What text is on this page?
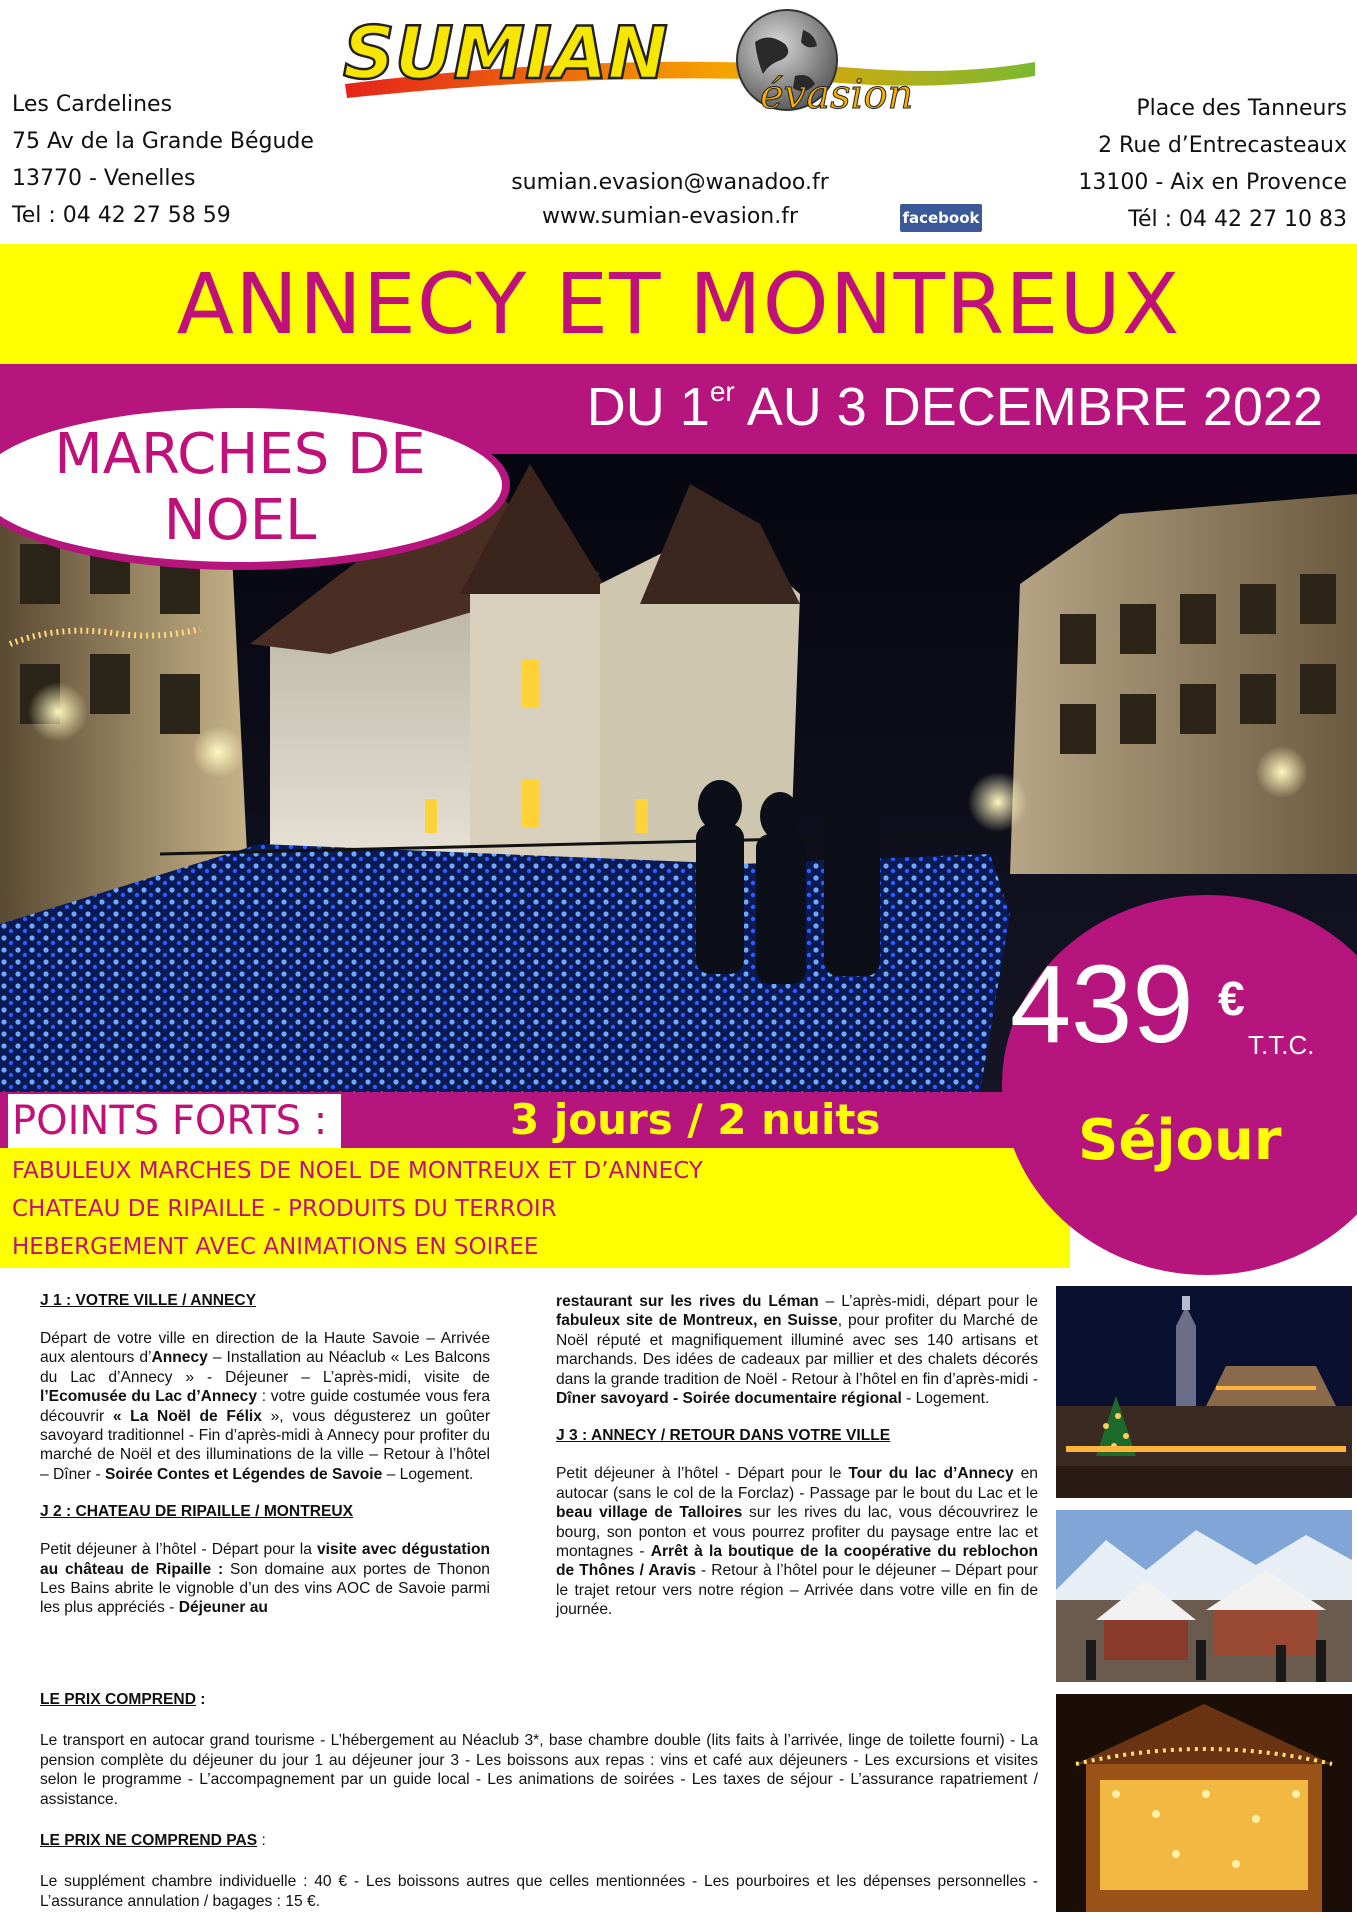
Les Cardelines
75 Av de la Grande Bégude
13770 - Venelles
Tel : 04 42 27 58 59
SUMIAN évasion
sumian.evasion@wanadoo.fr
www.sumian-evasion.fr	facebook
Place des Tanneurs
2 Rue d’Entrecasteaux
13100 - Aix en Provence
Tél : 04 42 27 10 83
ANNECY ET MONTREUX
DU 1er AU 3 DECEMBRE 2022
MARCHES DE
NOEL
POINTS FORTS :	3 jours / 2 nuits
FABULEUX MARCHES DE NOEL DE MONTREUX ET D’ANNECY
CHATEAU DE RIPAILLE - PRODUITS DU TERROIR
HEBERGEMENT AVEC ANIMATIONS EN SOIREE
439 €
T.T.C.
Séjour
J 1 : VOTRE VILLE / ANNECY

Départ de votre ville en direction de la Haute Savoie – Arrivée aux alentours d’Annecy – Installation au Néaclub « Les Balcons du Lac d’Annecy » - Déjeuner – L’après-midi, visite de l’Ecomusée du Lac d’Annecy : votre guide costumée vous fera découvrir « La Noël de Félix », vous dégusterez un goûter savoyard traditionnel - Fin d’après-midi à Annecy pour profiter du marché de Noël et des illuminations de la ville – Retour à l’hôtel – Dîner - Soirée Contes et Légendes de Savoie – Logement.

J 2 : CHATEAU DE RIPAILLE / MONTREUX

Petit déjeuner à l’hôtel - Départ pour la visite avec dégustation au château de Ripaille : Son domaine aux portes de Thonon Les Bains abrite le vignoble d’un des vins AOC de Savoie parmi les plus appréciés - Déjeuner au

restaurant sur les rives du Léman – L’après-midi, départ pour le fabuleux site de Montreux, en Suisse, pour profiter du Marché de Noël réputé et magnifiquement illuminé avec ses 140 artisans et marchands. Des idées de cadeaux par millier et des chalets décorés dans la grande tradition de Noël - Retour à l’hôtel en fin d’après-midi - Dîner savoyard - Soirée documentaire régional - Logement.

J 3 : ANNECY / RETOUR DANS VOTRE VILLE

Petit déjeuner à l’hôtel - Départ pour le Tour du lac d’Annecy en autocar (sans le col de la Forclaz) - Passage par le bout du Lac et le beau village de Talloires sur les rives du lac, vous découvrirez le bourg, son ponton et vous pourrez profiter du paysage entre lac et montagnes - Arrêt à la boutique de la coopérative du reblochon de Thônes / Aravis - Retour à l’hôtel pour le déjeuner – Départ pour le trajet retour vers notre région – Arrivée dans votre ville en fin de journée.

LE PRIX COMPREND :

Le transport en autocar grand tourisme - L’hébergement au Néaclub 3*, base chambre double (lits faits à l’arrivée, linge de toilette fourni) - La pension complète du déjeuner du jour 1 au déjeuner jour 3 - Les boissons aux repas : vins et café aux déjeuners - Les excursions et visites selon le programme - L’accompagnement par un guide local - Les animations de soirées - Les taxes de séjour - L’assurance rapatriement / assistance.

LE PRIX NE COMPREND PAS :

Le supplément chambre individuelle : 40 € - Les boissons autres que celles mentionnées - Les pourboires et les dépenses personnelles - L’assurance annulation / bagages : 15 €.
